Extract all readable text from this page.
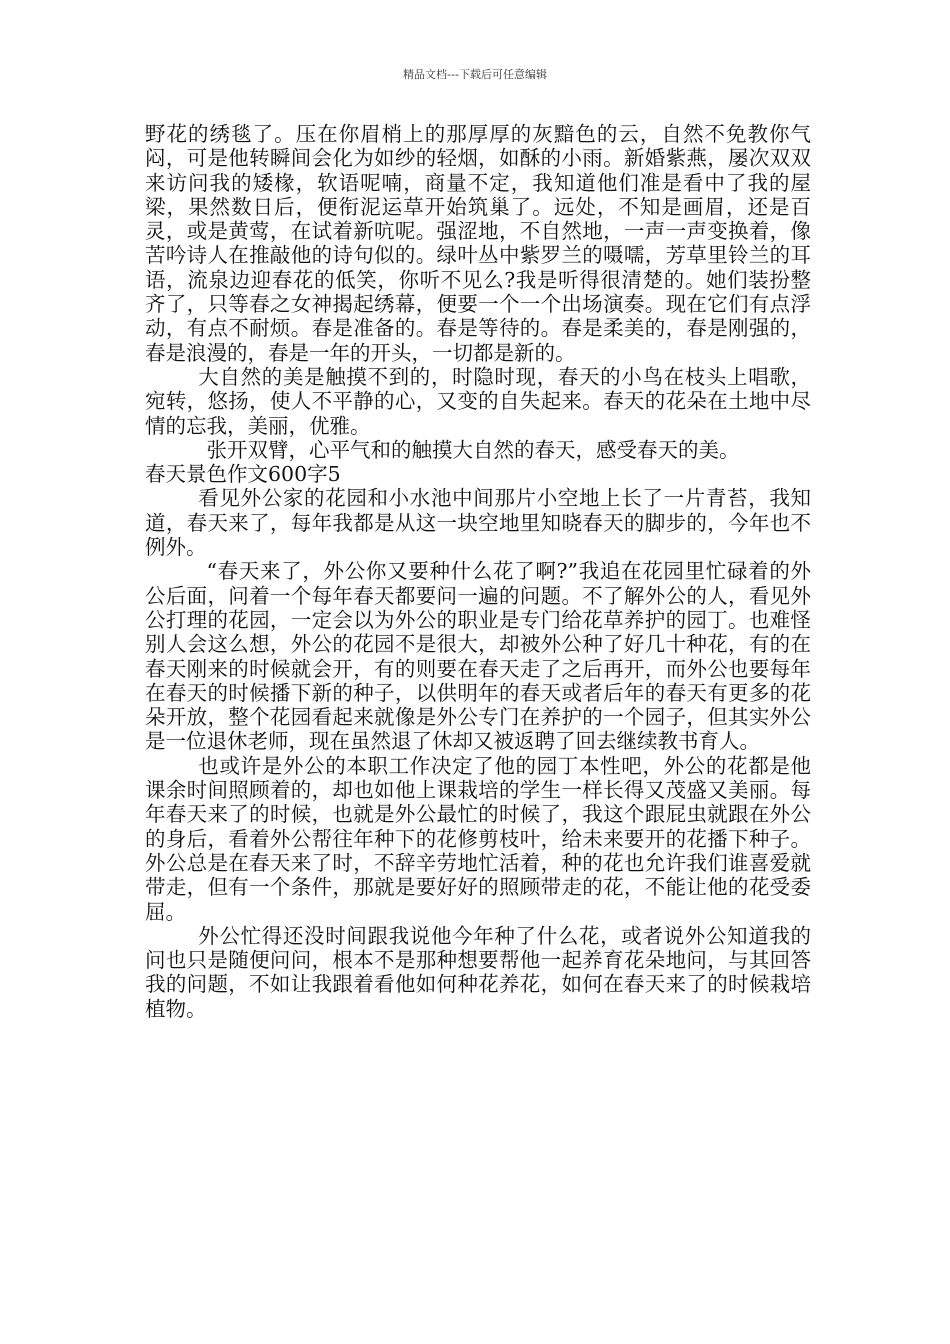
精品文档---下载后可任意编辑

野花的绣毯了。压在你眉梢上的那厚厚的灰黯色的云，自然不免教你气闷，可是他转瞬间会化为如纱的轻烟，如酥的小雨。新婚紫燕，屡次双双来访问我的矮椽，软语呢喃，商量不定，我知道他们准是看中了我的屋梁，果然数日后，便衔泥运草开始筑巢了。远处，不知是画眉，还是百灵，或是黄莺，在试着新吭呢。强涩地，不自然地，一声一声变换着，像苦吟诗人在推敲他的诗句似的。绿叶丛中紫罗兰的嗫嚅，芳草里铃兰的耳语，流泉边迎春花的低笑，你听不见么?我是听得很清楚的。她们装扮整齐了，只等春之女神揭起绣幕，便要一个一个出场演奏。现在它们有点浮动，有点不耐烦。春是准备的。春是等待的。春是柔美的，春是刚强的，春是浪漫的，春是一年的开头，一切都是新的。

大自然的美是触摸不到的，时隐时现，春天的小鸟在枝头上唱歌，宛转，悠扬，使人不平静的心，又变的自失起来。春天的花朵在土地中尽情的忘我，美丽，优雅。

张开双臂，心平气和的触摸大自然的春天，感受春天的美。

春天景色作文600字5

看见外公家的花园和小水池中间那片小空地上长了一片青苔，我知道，春天来了，每年我都是从这一块空地里知晓春天的脚步的，今年也不例外。

“春天来了，外公你又要种什么花了啊?”我追在花园里忙碌着的外公后面，问着一个每年春天都要问一遍的问题。不了解外公的人，看见外公打理的花园，一定会以为外公的职业是专门给花草养护的园丁。也难怪别人会这么想，外公的花园不是很大，却被外公种了好几十种花，有的在春天刚来的时候就会开，有的则要在春天走了之后再开，而外公也要每年在春天的时候播下新的种子，以供明年的春天或者后年的春天有更多的花朵开放，整个花园看起来就像是外公专门在养护的一个园子，但其实外公是一位退休老师，现在虽然退了休却又被返聘了回去继续教书育人。

也或许是外公的本职工作决定了他的园丁本性吧，外公的花都是他课余时间照顾着的，却也如他上课栽培的学生一样长得又茂盛又美丽。每年春天来了的时候，也就是外公最忙的时候了，我这个跟屁虫就跟在外公的身后，看着外公帮往年种下的花修剪枝叶，给未来要开的花播下种子。外公总是在春天来了时，不辞辛劳地忙活着，种的花也允许我们谁喜爱就带走，但有一个条件，那就是要好好的照顾带走的花，不能让他的花受委屈。

外公忙得还没时间跟我说他今年种了什么花，或者说外公知道我的问也只是随便问问，根本不是那种想要帮他一起养育花朵地问，与其回答我的问题，不如让我跟着看他如何种花养花，如何在春天来了的时候栽培植物。
